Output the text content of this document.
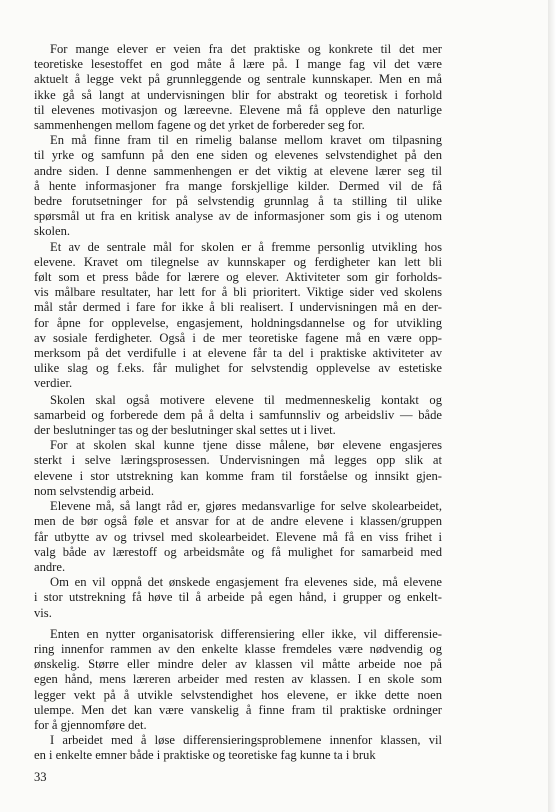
For mange elever er veien fra det praktiske og konkrete til det mer
teoretiske lesestoffet en god måte å lære på. I mange fag vil det være
aktuelt å legge vekt på grunnleggende og sentrale kunnskaper. Men en må
ikke gå så langt at undervisningen blir for abstrakt og teoretisk i forhold
til elevenes motivasjon og læreevne. Elevene må få oppleve den naturlige
sammenhengen mellom fagene og det yrket de forbereder seg for.
En må finne fram til en rimelig balanse mellom kravet om tilpasning
til yrke og samfunn på den ene siden og elevenes selvstendighet på den
andre siden. I denne sammenhengen er det viktig at elevene lærer seg til
å hente informasjoner fra mange forskjellige kilder. Dermed vil de få
bedre forutsetninger for på selvstendig grunnlag å ta stilling til ulike
spørsmål ut fra en kritisk analyse av de informasjoner som gis i og utenom
skolen.
Et av de sentrale mål for skolen er å fremme personlig utvikling hos
elevene. Kravet om tilegnelse av kunnskaper og ferdigheter kan lett bli
følt som et press både for lærere og elever. Aktiviteter som gir forholds-
vis målbare resultater, har lett for å bli prioritert. Viktige sider ved skolens
mål står dermed i fare for ikke å bli realisert. I undervisningen må en der-
for åpne for opplevelse, engasjement, holdningsdannelse og for utvikling
av sosiale ferdigheter. Også i de mer teoretiske fagene må en være opp-
merksom på det verdifulle i at elevene får ta del i praktiske aktiviteter av
ulike slag og f.eks. får mulighet for selvstendig opplevelse av estetiske
verdier.
Skolen skal også motivere elevene til medmenneskelig kontakt og
samarbeid og forberede dem på å delta i samfunnsliv og arbeidsliv — både
der beslutninger tas og der beslutninger skal settes ut i livet.
For at skolen skal kunne tjene disse målene, bør elevene engasjeres
sterkt i selve læringsprosessen. Undervisningen må legges opp slik at
elevene i stor utstrekning kan komme fram til forståelse og innsikt gjen-
nom selvstendig arbeid.
Elevene må, så langt råd er, gjøres medansvarlige for selve skolearbeidet,
men de bør også føle et ansvar for at de andre elevene i klassen/gruppen
får utbytte av og trivsel med skolearbeidet. Elevene må få en viss frihet i
valg både av lærestoff og arbeidsmåte og få mulighet for samarbeid med
andre.
Om en vil oppnå det ønskede engasjement fra elevenes side, må elevene
i stor utstrekning få høve til å arbeide på egen hånd, i grupper og enkelt-
vis.
Enten en nytter organisatorisk differensiering eller ikke, vil differensie-
ring innenfor rammen av den enkelte klasse fremdeles være nødvendig og
ønskelig. Større eller mindre deler av klassen vil måtte arbeide noe på
egen hånd, mens læreren arbeider med resten av klassen. I en skole som
legger vekt på å utvikle selvstendighet hos elevene, er ikke dette noen
ulempe. Men det kan være vanskelig å finne fram til praktiske ordninger
for å gjennomføre det.
I arbeidet med å løse differensieringsproblemene innenfor klassen, vil
en i enkelte emner både i praktiske og teoretiske fag kunne ta i bruk
33
